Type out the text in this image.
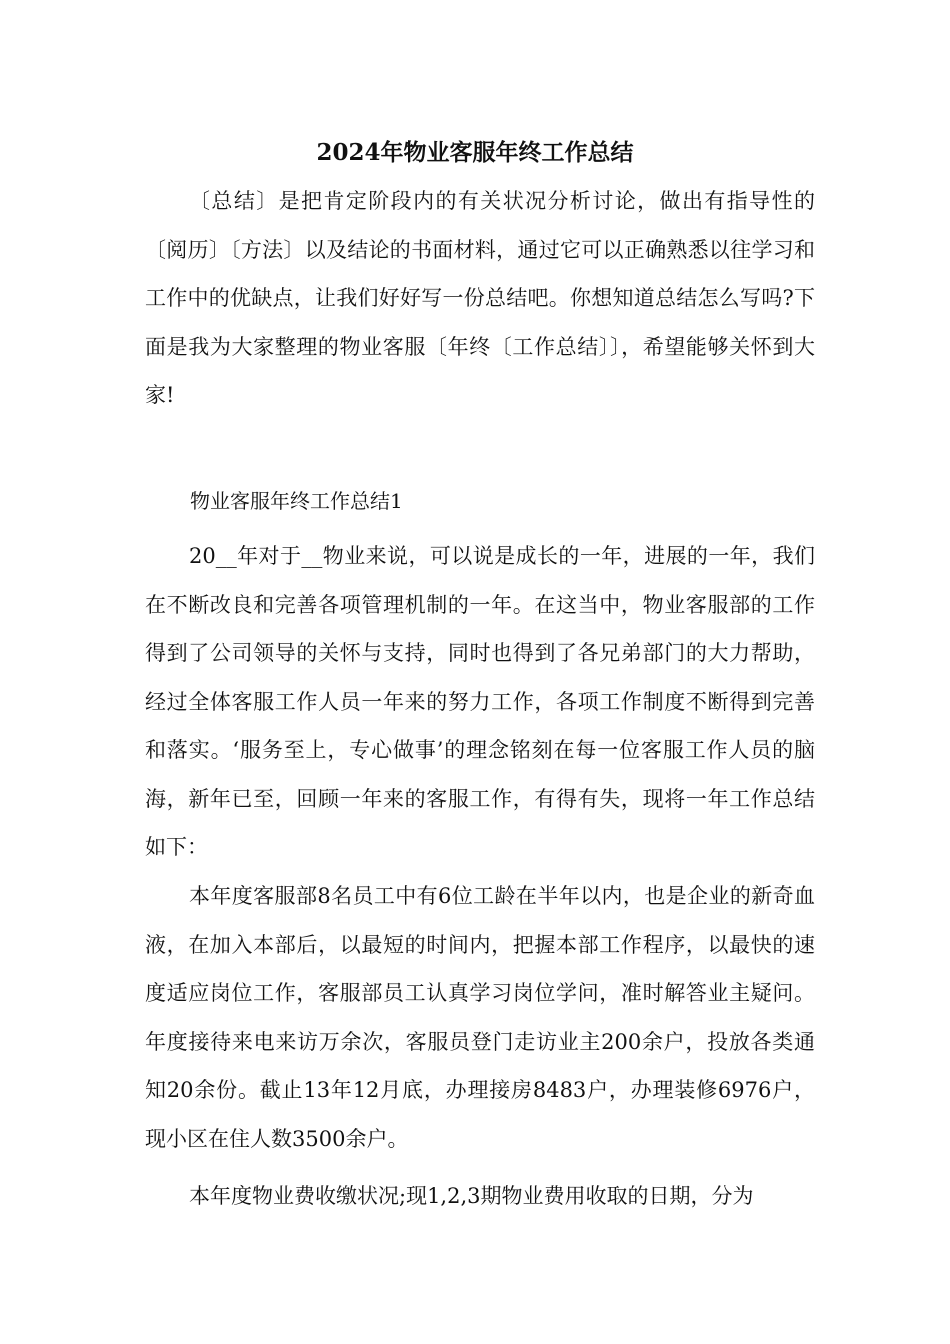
2024年物业客服年终工作总结

〔总结〕是把肯定阶段内的有关状况分析讨论，做出有指导性的〔阅历〕〔方法〕以及结论的书面材料，通过它可以正确熟悉以往学习和工作中的优缺点，让我们好好写一份总结吧。你想知道总结怎么写吗?下面是我为大家整理的物业客服〔年终〔工作总结〕〕，希望能够关怀到大家!

物业客服年终工作总结1

20__年对于__物业来说，可以说是成长的一年，进展的一年，我们在不断改良和完善各项管理机制的一年。在这当中，物业客服部的工作得到了公司领导的关怀与支持，同时也得到了各兄弟部门的大力帮助，经过全体客服工作人员一年来的努力工作，各项工作制度不断得到完善和落实。‘服务至上，专心做事’的理念铭刻在每一位客服工作人员的脑海，新年已至，回顾一年来的客服工作，有得有失，现将一年工作总结如下：

本年度客服部8名员工中有6位工龄在半年以内，也是企业的新奇血液，在加入本部后，以最短的时间内，把握本部工作程序，以最快的速度适应岗位工作，客服部员工认真学习岗位学问，准时解答业主疑问。年度接待来电来访万余次，客服员登门走访业主200余户，投放各类通知20余份。截止13年12月底，办理接房8483户，办理装修6976户，现小区在住人数3500余户。

本年度物业费收缴状况;现1,2,3期物业费用收取的日期，分为
